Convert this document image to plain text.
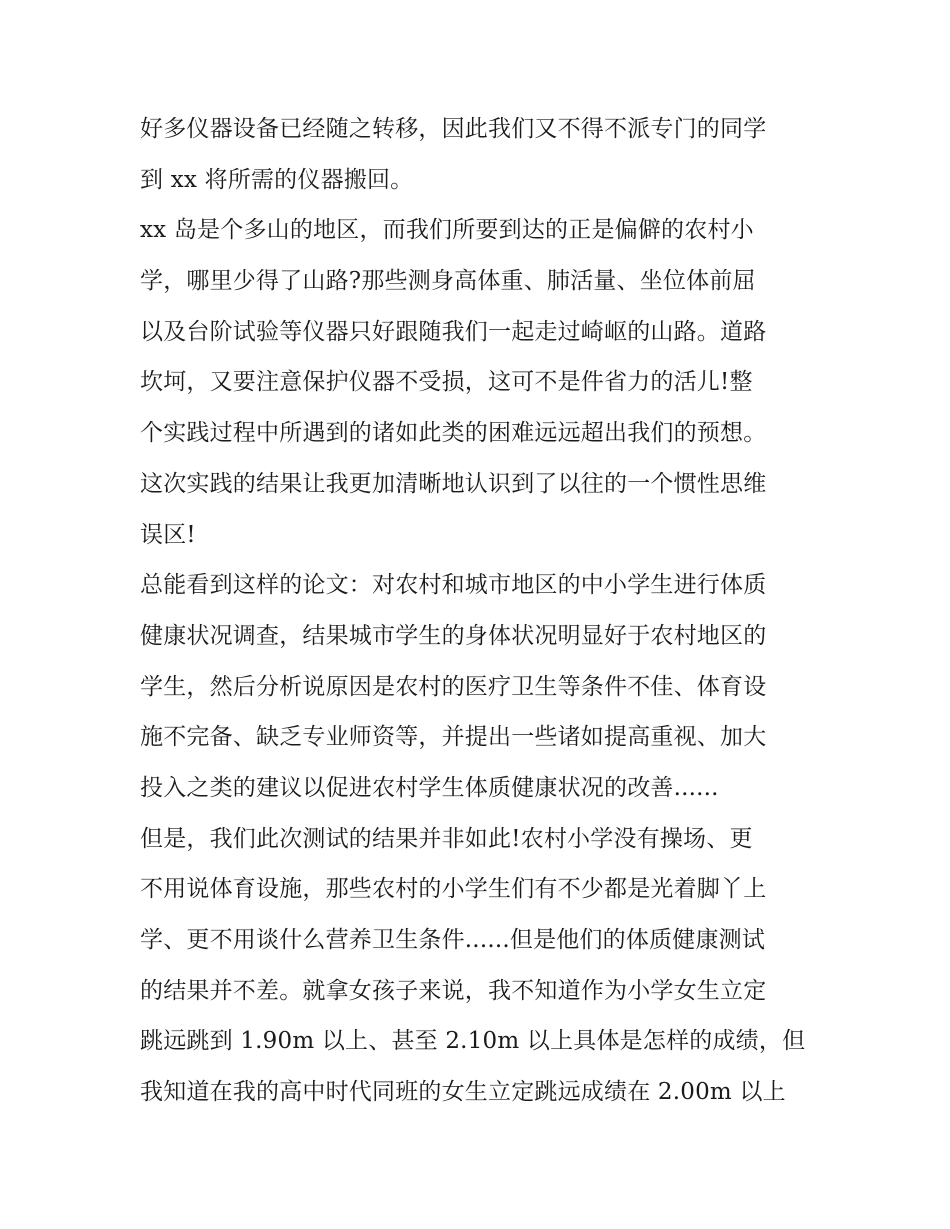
好多仪器设备已经随之转移，因此我们又不得不派专门的同学
到 xx 将所需的仪器搬回。
xx 岛是个多山的地区，而我们所要到达的正是偏僻的农村小
学，哪里少得了山路?那些测身高体重、肺活量、坐位体前屈
以及台阶试验等仪器只好跟随我们一起走过崎岖的山路。道路
坎坷，又要注意保护仪器不受损，这可不是件省力的活儿!整
个实践过程中所遇到的诸如此类的困难远远超出我们的预想。
这次实践的结果让我更加清晰地认识到了以往的一个惯性思维
误区!
总能看到这样的论文：对农村和城市地区的中小学生进行体质
健康状况调查，结果城市学生的身体状况明显好于农村地区的
学生，然后分析说原因是农村的医疗卫生等条件不佳、体育设
施不完备、缺乏专业师资等，并提出一些诸如提高重视、加大
投入之类的建议以促进农村学生体质健康状况的改善......
但是，我们此次测试的结果并非如此!农村小学没有操场、更
不用说体育设施，那些农村的小学生们有不少都是光着脚丫上
学、更不用谈什么营养卫生条件......但是他们的体质健康测试
的结果并不差。就拿女孩子来说，我不知道作为小学女生立定
跳远跳到 1.90m 以上、甚至 2.10m 以上具体是怎样的成绩，但
我知道在我的高中时代同班的女生立定跳远成绩在 2.00m 以上
